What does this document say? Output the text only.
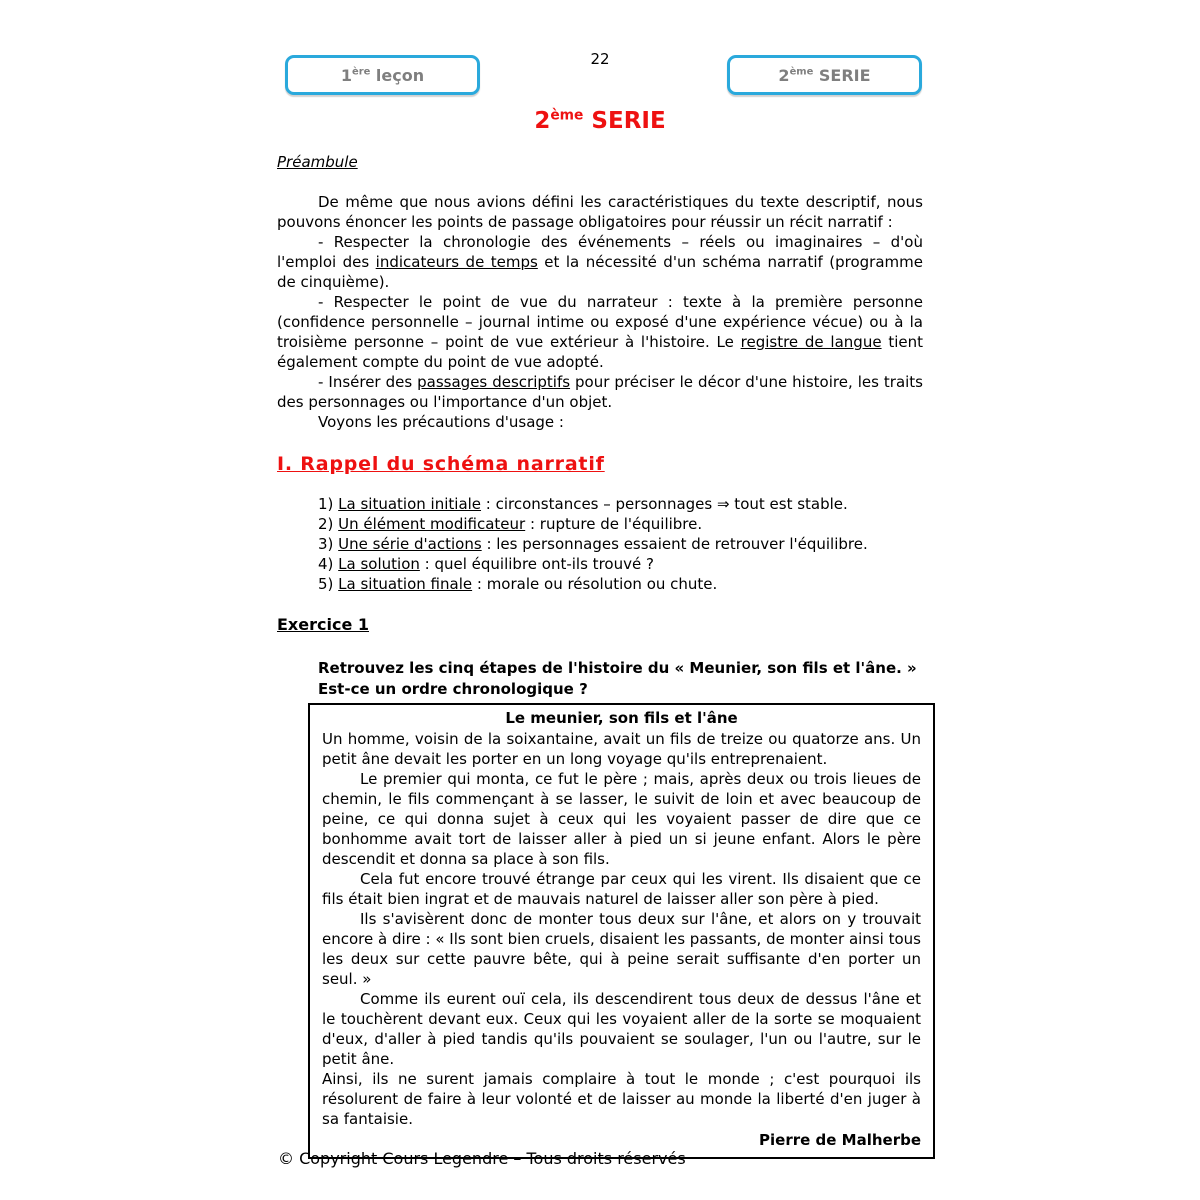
22
1ère leçon	2ème SERIE
2ème SERIE
Préambule

De même que nous avions défini les caractéristiques du texte descriptif, nous pouvons énoncer les points de passage obligatoires pour réussir un récit narratif :

- Respecter la chronologie des événements – réels ou imaginaires – d'où l'emploi des indicateurs de temps et la nécessité d'un schéma narratif (programme de cinquième).

- Respecter le point de vue du narrateur : texte à la première personne (confidence personnelle – journal intime ou exposé d'une expérience vécue) ou à la troisième personne – point de vue extérieur à l'histoire. Le registre de langue tient également compte du point de vue adopté.

- Insérer des passages descriptifs pour préciser le décor d'une histoire, les traits des personnages ou l'importance d'un objet.

Voyons les précautions d'usage :

I. Rappel du schéma narratif

1) La situation initiale : circonstances – personnages ⇒ tout est stable.

2) Un élément modificateur : rupture de l'équilibre.

3) Une série d'actions : les personnages essaient de retrouver l'équilibre.

4) La solution : quel équilibre ont-ils trouvé ?

5) La situation finale : morale ou résolution ou chute.

Exercice 1

Retrouvez les cinq étapes de l'histoire du « Meunier, son fils et l'âne. »

Est-ce un ordre chronologique ?

Le meunier, son fils et l'âne

Un homme, voisin de la soixantaine, avait un fils de treize ou quatorze ans. Un petit âne devait les porter en un long voyage qu'ils entreprenaient.

Le premier qui monta, ce fut le père ; mais, après deux ou trois lieues de chemin, le fils commençant à se lasser, le suivit de loin et avec beaucoup de peine, ce qui donna sujet à ceux qui les voyaient passer de dire que ce bonhomme avait tort de laisser aller à pied un si jeune enfant. Alors le père descendit et donna sa place à son fils.

Cela fut encore trouvé étrange par ceux qui les virent. Ils disaient que ce fils était bien ingrat et de mauvais naturel de laisser aller son père à pied.

Ils s'avisèrent donc de monter tous deux sur l'âne, et alors on y trouvait encore à dire : « Ils sont bien cruels, disaient les passants, de monter ainsi tous les deux sur cette pauvre bête, qui à peine serait suffisante d'en porter un seul. »

Comme ils eurent ouï cela, ils descendirent tous deux de dessus l'âne et le touchèrent devant eux. Ceux qui les voyaient aller de la sorte se moquaient d'eux, d'aller à pied tandis qu'ils pouvaient se soulager, l'un ou l'autre, sur le petit âne.

Ainsi, ils ne surent jamais complaire à tout le monde ; c'est pourquoi ils résolurent de faire à leur volonté et de laisser au monde la liberté d'en juger à sa fantaisie.

Pierre de Malherbe
© Copyright Cours Legendre – Tous droits réservés
